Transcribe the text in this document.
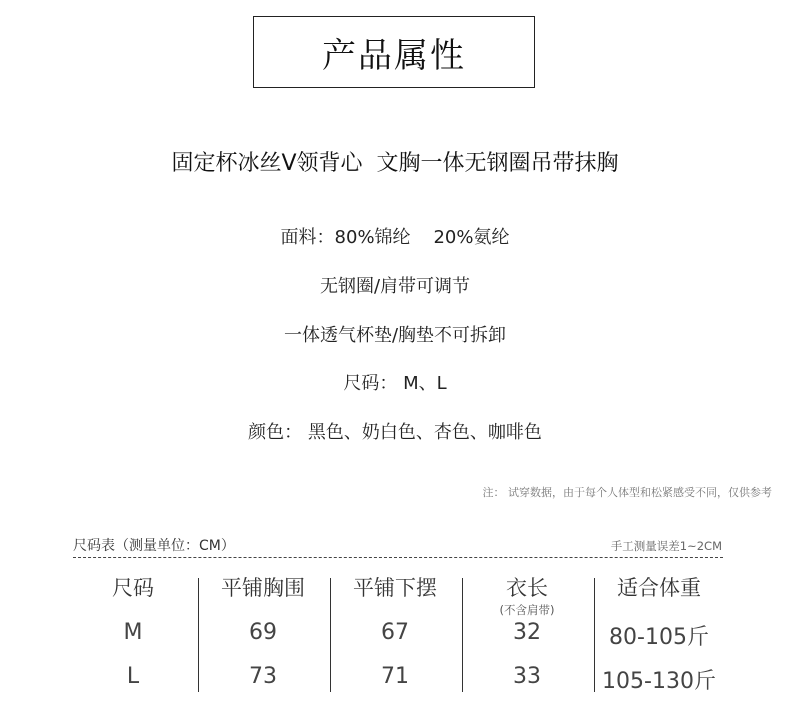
产品属性
固定杯冰丝V领背心  文胸一体无钢圈吊带抹胸
面料：80%锦纶    20%氨纶
无钢圈/肩带可调节
一体透气杯垫/胸垫不可拆卸
尺码： M、L
颜色： 黑色、奶白色、杏色、咖啡色
注： 试穿数据，由于每个人体型和松紧感受不同，仅供参考
尺码表（测量单位：CM）	手工测量误差1~2CM
尺码	平铺胸围	平铺下摆	衣长	适合体重
(不含肩带)
M	69	67	32	80-105斤
L	73	71	33	105-130斤
